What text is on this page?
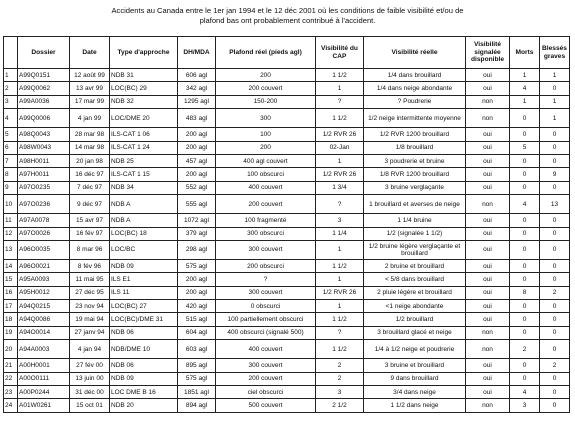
Accidents au Canada entre le 1er jan 1994 et le 12 déc 2001 où les conditions de faible visibilité et/ou de
plafond bas ont probablement contribué à l'accident.
	Dossier	Date	Type d'approche	DH/MDA	Plafond réel (pieds agl)	Visibilité du CAP	Visibilité réelle	Visibilité signalée disponible	Morts	Blessés graves
1	A99Q0151	12 août 99	NDB 31	606 agl	200	1 1/2	1/4 dans brouillard	oui	1	1
2	A99Q0062	13 avr 99	LOC(BC) 29	342 agl	200 couvert	1	1/4 dans neige abondante	oui	4	0
3	A99A0036	17 mar 99	NDB 32	1295 agl	150-200	?	? Poudrerie	non	1	1
4	A99Q0006	4 jan 99	LOC/DME 20	483 agl	300	1 1/2	1/2 neige intermittente moyenne	non	0	1
5	A98Q0043	28 mar 98	ILS-CAT 1 06	200 agl	100	1/2 RVR 26	1/2 RVR 1200 brouillard	oui	0	0
6	A98W0043	14 mar 98	ILS-CAT 1 24	200 agl	200	02-Jan	1/8 brouillard	oui	5	0
7	A98H0011	20 jan 98	NDB 25	457 agl	400 agl couvert	1	3 poudrerie et bruine	oui	0	0
8	A97H0011	16 déc 97	ILS-CAT 1 15	200 agl	100 obscurci	1/2 RVR 26	1/8 RVR 1200 brouillard	oui	0	9
9	A97O0235	7 déc 97	NDB 34	552 agl	400 couvert	1 3/4	3 bruine verglaçante	oui	0	0
10	A97O0236	9 déc 97	NDB A	555 agl	200 couvert	?	1 brouillard et averses de neige	non	4	13
11	A97A0078	15 avr 97	NDB A	1072 agl	100 fragmenté	3	1 1/4 bruine	oui	0	0
12	A97O0026	16 fév 97	LOC(BC) 18	379 agl	300 obscurci	1 1/4	1/2 (signalée 1 1/2)	oui	0	0
13	A96O0035	8 mar 96	LOC/BC	298 agl	300 couvert	1	1/2 bruine légère verglaçante et brouillard	oui	0	0
14	A96O0021	8 fév 96	NDB 09	575 agl	200 obscurci	1 1/2	2 bruine et brouillard	oui	0	0
15	A95A0093	11 mai 95	ILS E1	200 agl	?	1	< 5/8 dans brouillard	oui	0	0
16	A95H0012	27 déc 95	ILS 11	200 agl	300 couvert	1/2 RVR 26	2 pluie légère et brouillard	oui	8	2
17	A94Q0215	23 nov 94	LOC(BC) 27	420 agl	0 obscurci	1	<1 neige abondante	oui	0	0
18	A94Q0086	19 mai 94	LOC(BC)/DME 31	515 agl	100 partiellement obscurci	1 1/2	1/2 brouillard	oui	0	0
19	A94O0014	27 janv 94	NDB 06	604 agl	400 obscurci (signalé 500)	?	3 brouillard glacé et neige	non	0	0
20	A94A0003	4 jan 94	NDB/DME 10	603 agl	400 couvert	1 1/2	1/4 à 1/2 neige et poudrerie	non	2	0
21	A00H0001	27 fév 00	NDB 06	895 agl	300 couvert	2	3 bruine et brouillard	oui	0	2
22	A00O0111	13 juin 00	NDB 09	575 agl	200 couvert	2	9 dans brouillard	oui	0	0
23	A00P0244	31 déc 00	LOC DME B 16	1851 agl	ciel obscurci	3	3/4 dans neige	oui	4	0
24	A01W0261	15 oct 01	NDB 20	894 agl	500 couvert	2 1/2	1 1/2 dans neige	non	3	0
